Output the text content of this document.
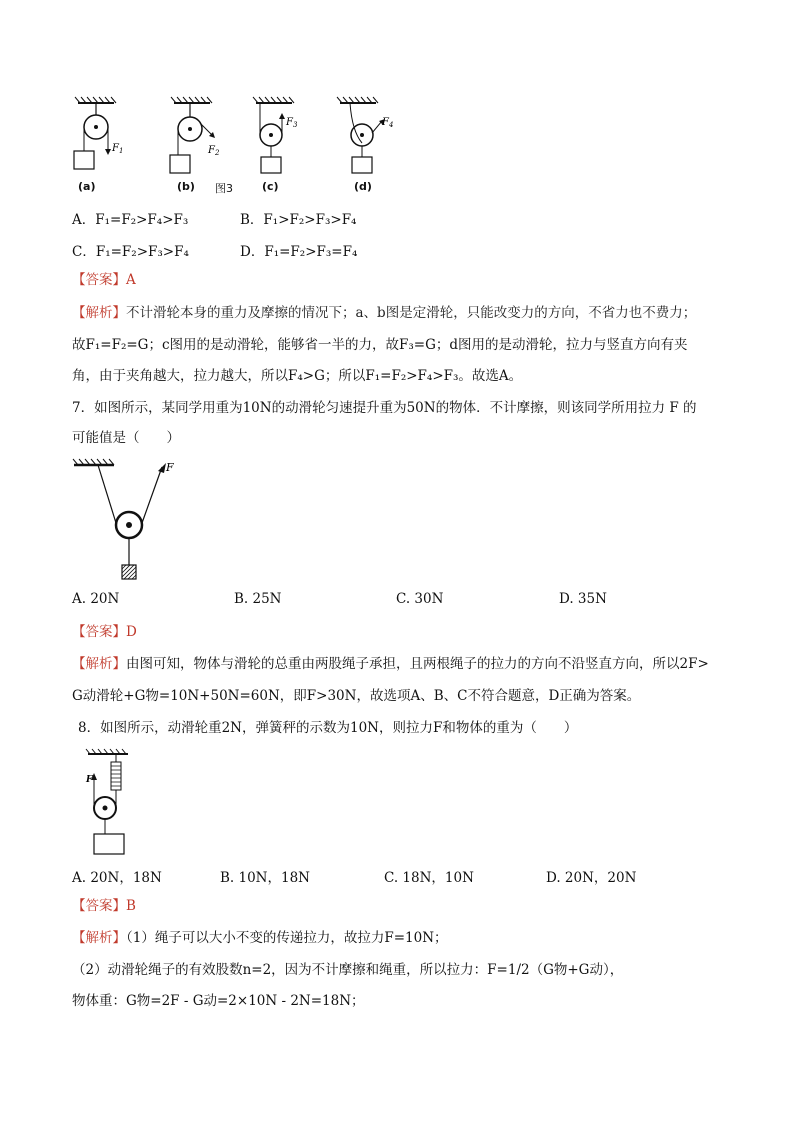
$F_1$	$F_2$
$F_3$	$F_4$
(a)	(b) 图3	(c)	(d)
A．F₁=F₂>F₄>F₃	B．F₁>F₂>F₃>F₄
C．F₁=F₂>F₃>F₄	D．F₁=F₂>F₃=F₄
【答案】A
【解析】不计滑轮本身的重力及摩擦的情况下；a、b图是定滑轮，只能改变力的方向，不省力也不费力；
故F₁=F₂=G；c图用的是动滑轮，能够省一半的力，故F₃=G；d图用的是动滑轮，拉力与竖直方向有夹
角，由于夹角越大，拉力越大，所以F₄>G；所以F₁=F₂>F₄>F₃。故选A。
7．如图所示，某同学用重为10N的动滑轮匀速提升重为50N的物体．不计摩擦，则该同学所用拉力 F 的
可能值是（　　）
F
A. 20N	B. 25N	C. 30N	D. 35N
【答案】D
【解析】由图可知，物体与滑轮的总重由两股绳子承担，且两根绳子的拉力的方向不沿竖直方向，所以2F>
G动滑轮+G物=10N+50N=60N，即F>30N，故选项A、B、C不符合题意，D正确为答案。
8．如图所示，动滑轮重2N，弹簧秤的示数为10N，则拉力F和物体的重为（　　）
F
A. 20N，18N	B. 10N，18N	C. 18N，10N	D. 20N，20N
【答案】B
【解析】（1）绳子可以大小不变的传递拉力，故拉力F=10N；
（2）动滑轮绳子的有效股数n=2，因为不计摩擦和绳重，所以拉力：F=1/2（G物+G动），
物体重：G物=2F - G动=2×10N - 2N=18N；
